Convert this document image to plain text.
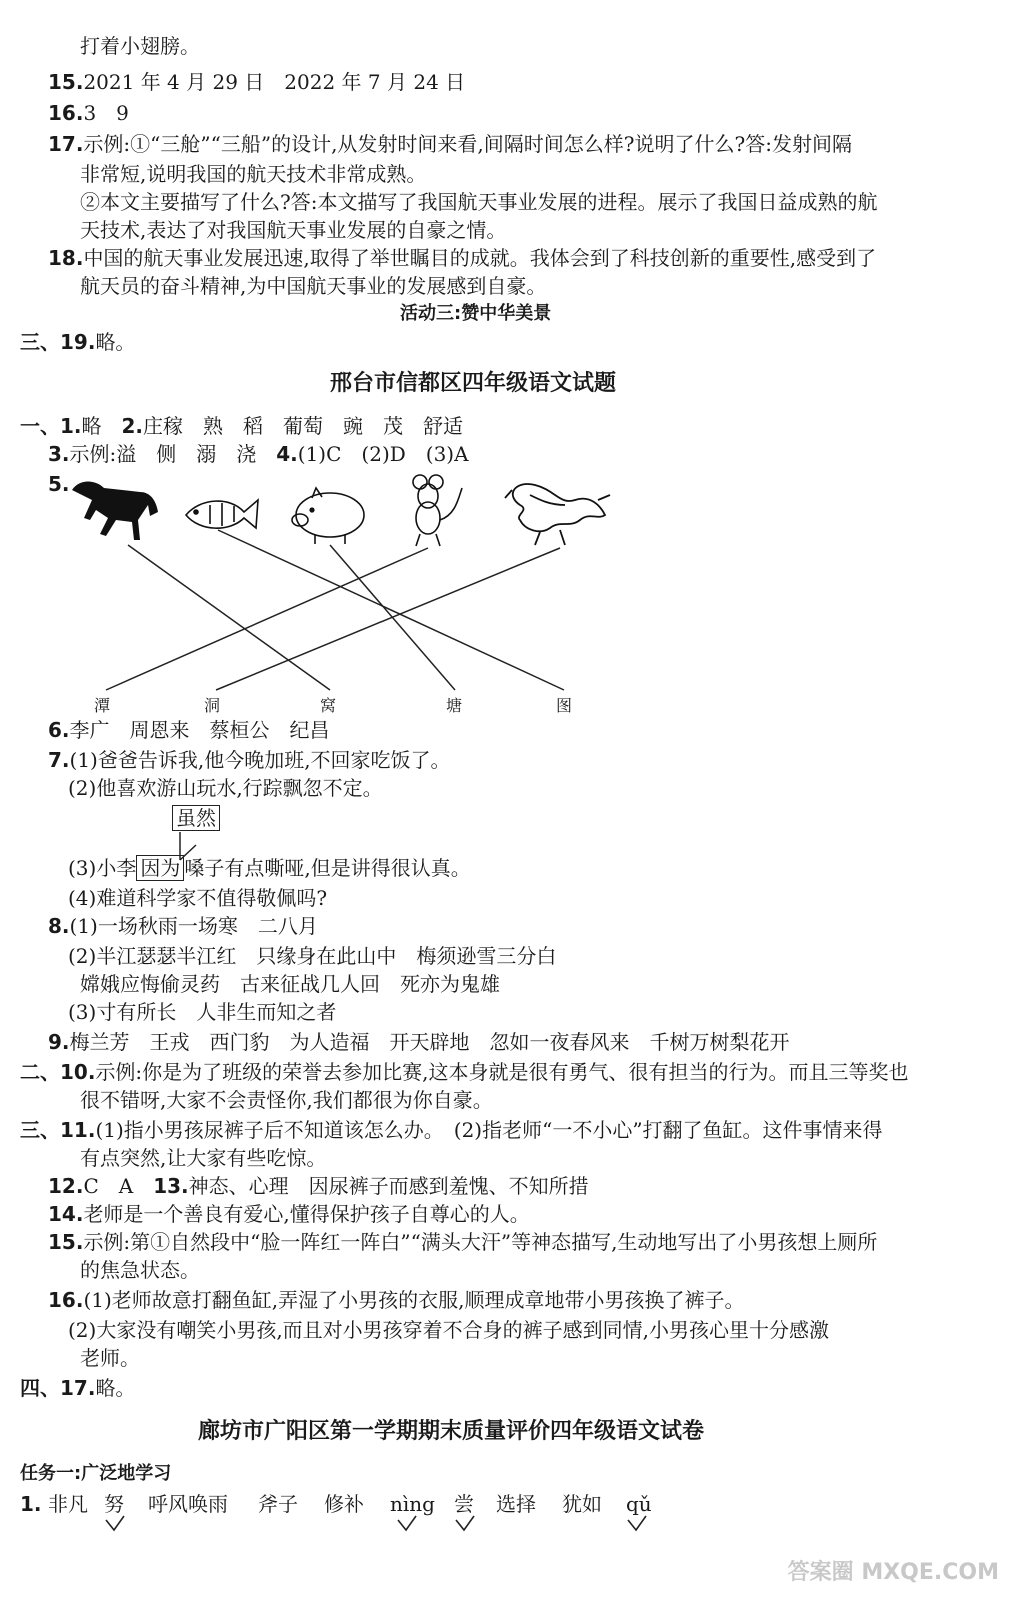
打着小翅膀。
15.2021 年 4 月 29 日　2022 年 7 月 24 日
16.3　9
17.示例:①“三舱”“三船”的设计,从发射时间来看,间隔时间怎么样?说明了什么?答:发射间隔
非常短,说明我国的航天技术非常成熟。
②本文主要描写了什么?答:本文描写了我国航天事业发展的进程。展示了我国日益成熟的航
天技术,表达了对我国航天事业发展的自豪之情。
18.中国的航天事业发展迅速,取得了举世瞩目的成就。我体会到了科技创新的重要性,感受到了
航天员的奋斗精神,为中国航天事业的发展感到自豪。
活动三:赞中华美景
三、19.略。
邢台市信都区四年级语文试题
一、1.略　 2.庄稼　熟　稻　葡萄　豌　茂　舒适
3.示例:溢　侧　溺　浇　 4.(1)C　(2)D　(3)A
5.
潭	洞	窝	塘	图
6.李广　周恩来　蔡桓公　纪昌
7.(1)爸爸告诉我,他今晚加班,不回家吃饭了。
(2)他喜欢游山玩水,行踪飘忽不定。
虽然
(3)小李 因为 嗓子有点嘶哑,但是讲得很认真。
(4)难道科学家不值得敬佩吗?
8.(1)一场秋雨一场寒　二八月
(2)半江瑟瑟半江红　只缘身在此山中　梅须逊雪三分白
嫦娥应悔偷灵药　古来征战几人回　死亦为鬼雄
(3)寸有所长　人非生而知之者
9.梅兰芳　王戎　西门豹　为人造福　开天辟地　忽如一夜春风来　千树万树梨花开
二、10.示例:你是为了班级的荣誉去参加比赛,这本身就是很有勇气、很有担当的行为。而且三等奖也
很不错呀,大家不会责怪你,我们都很为你自豪。
三、11.(1)指小男孩尿裤子后不知道该怎么办。　(2)指老师“一不小心”打翻了鱼缸。这件事情来得
有点突然,让大家有些吃惊。
12.C　A　 13.神态、心理　因尿裤子而感到羞愧、不知所措
14.老师是一个善良有爱心,懂得保护孩子自尊心的人。
15.示例:第①自然段中“脸一阵红一阵白”“满头大汗”等神态描写,生动地写出了小男孩想上厕所
的焦急状态。
16.(1)老师故意打翻鱼缸,弄湿了小男孩的衣服,顺理成章地带小男孩换了裤子。
(2)大家没有嘲笑小男孩,而且对小男孩穿着不合身的裤子感到同情,小男孩心里十分感激
老师。
四、17.略。
廊坊市广阳区第一学期期末质量评价四年级语文试卷
任务一:广泛地学习
1. 非凡 努 呼风唤雨 斧子 修补 nìng 尝 选择 犹如 qǔ
答案圈 MXQE.COM
